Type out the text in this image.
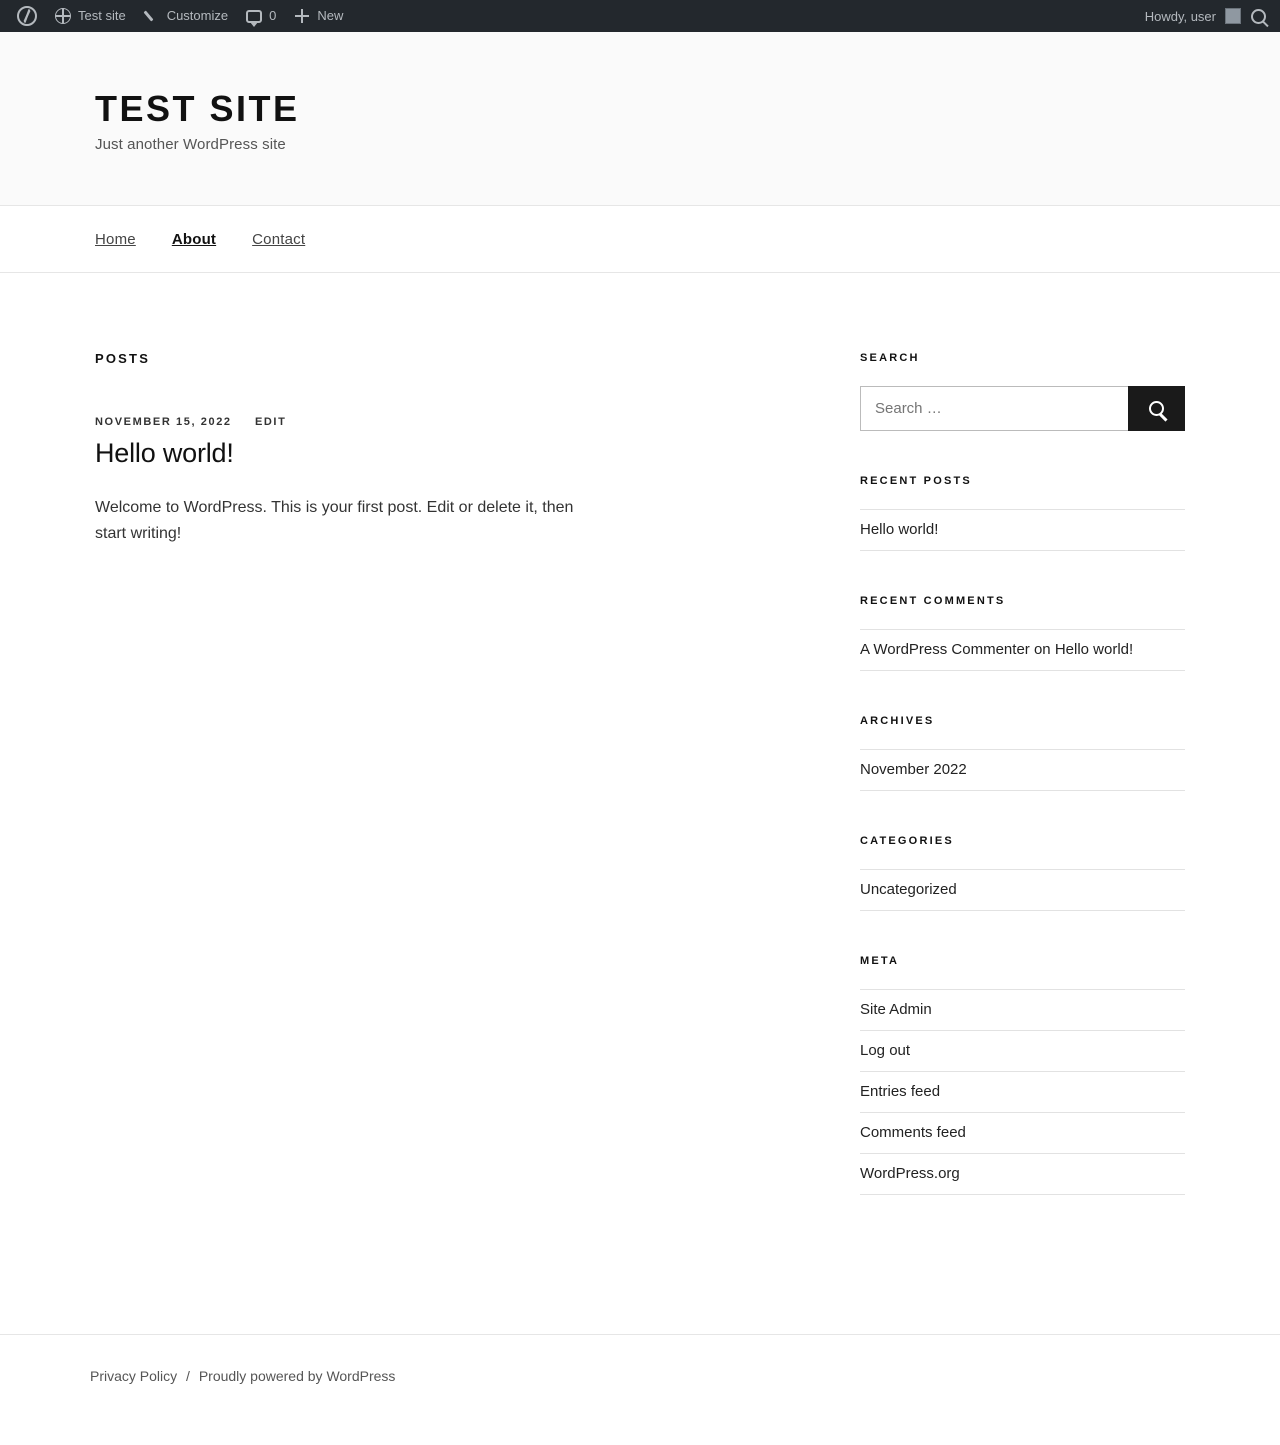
Test site	Customize	0	New	Howdy, user
TEST SITE

Just another WordPress site

Home About Contact
POSTS
NOVEMBER 15, 2022 EDIT
Hello world!
Welcome to WordPress. This is your first post. Edit or delete it, then start writing!
SEARCH
Search …
RECENT POSTS
Hello world!
RECENT COMMENTS
A WordPress Commenter on Hello world!
ARCHIVES
November 2022
CATEGORIES
Uncategorized
META
Site Admin
Log out
Entries feed
Comments feed
WordPress.org
Privacy Policy / Proudly powered by WordPress
